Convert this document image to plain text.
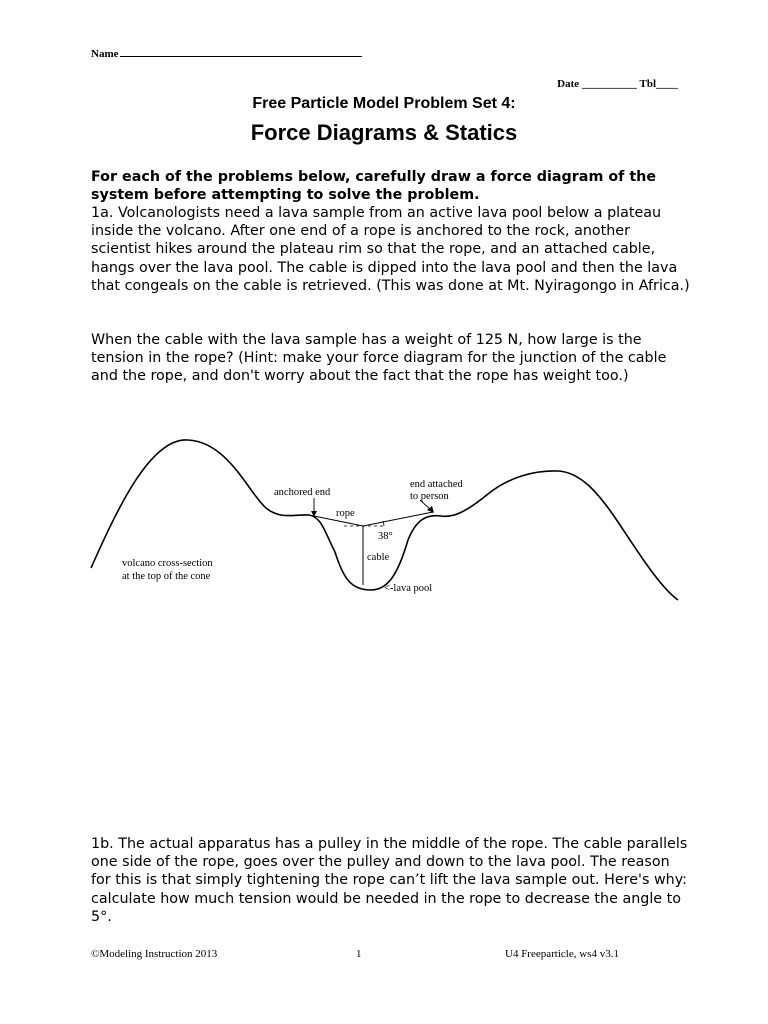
Name
Date __________ Tbl____
Free Particle Model Problem Set 4:
Force Diagrams & Statics
For each of the problems below, carefully draw a force diagram of the system before attempting to solve the problem.
1a. Volcanologists need a lava sample from an active lava pool below a plateau inside the volcano. After one end of a rope is anchored to the rock, another scientist hikes around the plateau rim so that the rope, and an attached cable, hangs over the lava pool. The cable is dipped into the lava pool and then the lava that congeals on the cable is retrieved. (This was done at Mt. Nyiragongo in Africa.)
When the cable with the lava sample has a weight of 125 N, how large is the tension in the rope? (Hint: make your force diagram for the junction of the cable and the rope, and don't worry about the fact that the rope has weight too.)
anchored end
end attached
to person
rope
38°
cable
<-lava pool
volcano cross-section
at the top of the cone
1b. The actual apparatus has a pulley in the middle of the rope. The cable parallels one side of the rope, goes over the pulley and down to the lava pool. The reason for this is that simply tightening the rope can’t lift the lava sample out. Here's why: calculate how much tension would be needed in the rope to decrease the angle to 5°.
©Modeling Instruction 2013	1	U4 Freeparticle, ws4 v3.1
